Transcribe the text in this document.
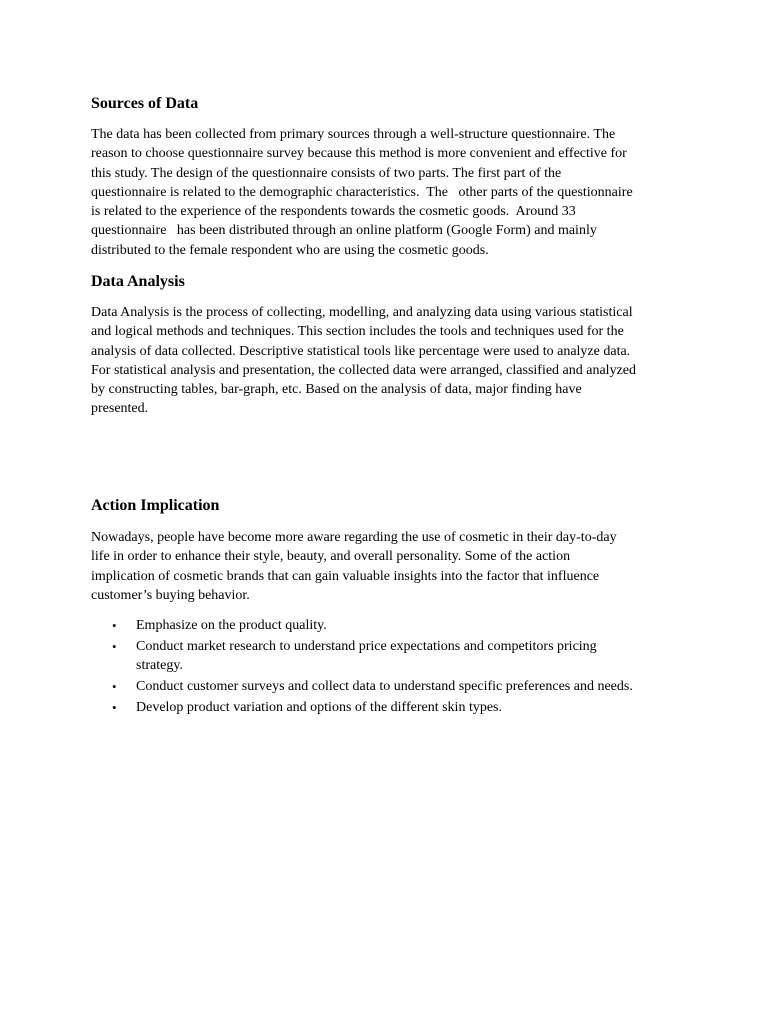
Sources of Data
The data has been collected from primary sources through a well-structure questionnaire. The
reason to choose questionnaire survey because this method is more convenient and effective for
this study. The design of the questionnaire consists of two parts. The first part of the
questionnaire is related to the demographic characteristics.  The   other parts of the questionnaire
is related to the experience of the respondents towards the cosmetic goods.  Around 33
questionnaire   has been distributed through an online platform (Google Form) and mainly
distributed to the female respondent who are using the cosmetic goods.
Data Analysis
Data Analysis is the process of collecting, modelling, and analyzing data using various statistical
and logical methods and techniques. This section includes the tools and techniques used for the
analysis of data collected. Descriptive statistical tools like percentage were used to analyze data.
For statistical analysis and presentation, the collected data were arranged, classified and analyzed
by constructing tables, bar-graph, etc. Based on the analysis of data, major finding have
presented.
Action Implication
Nowadays, people have become more aware regarding the use of cosmetic in their day-to-day
life in order to enhance their style, beauty, and overall personality. Some of the action
implication of cosmetic brands that can gain valuable insights into the factor that influence
customer’s buying behavior.
• Emphasize on the product quality.
• Conduct market research to understand price expectations and competitors pricing
strategy.
• Conduct customer surveys and collect data to understand specific preferences and needs.
• Develop product variation and options of the different skin types.
